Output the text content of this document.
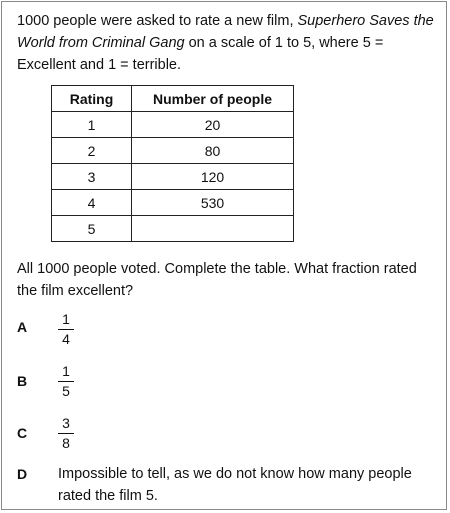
1000 people were asked to rate a new film, Superhero Saves the World from Criminal Gang on a scale of 1 to 5, where 5 = Excellent and 1 = terrible.
Rating	Number of people
1	20
2	80
3	120
4	530
5	
All 1000 people voted. Complete the table. What fraction rated the film excellent?
A 1
4
B
1
5
C
3
8
D Impossible to tell, as we do not know how many people rated the film 5.
